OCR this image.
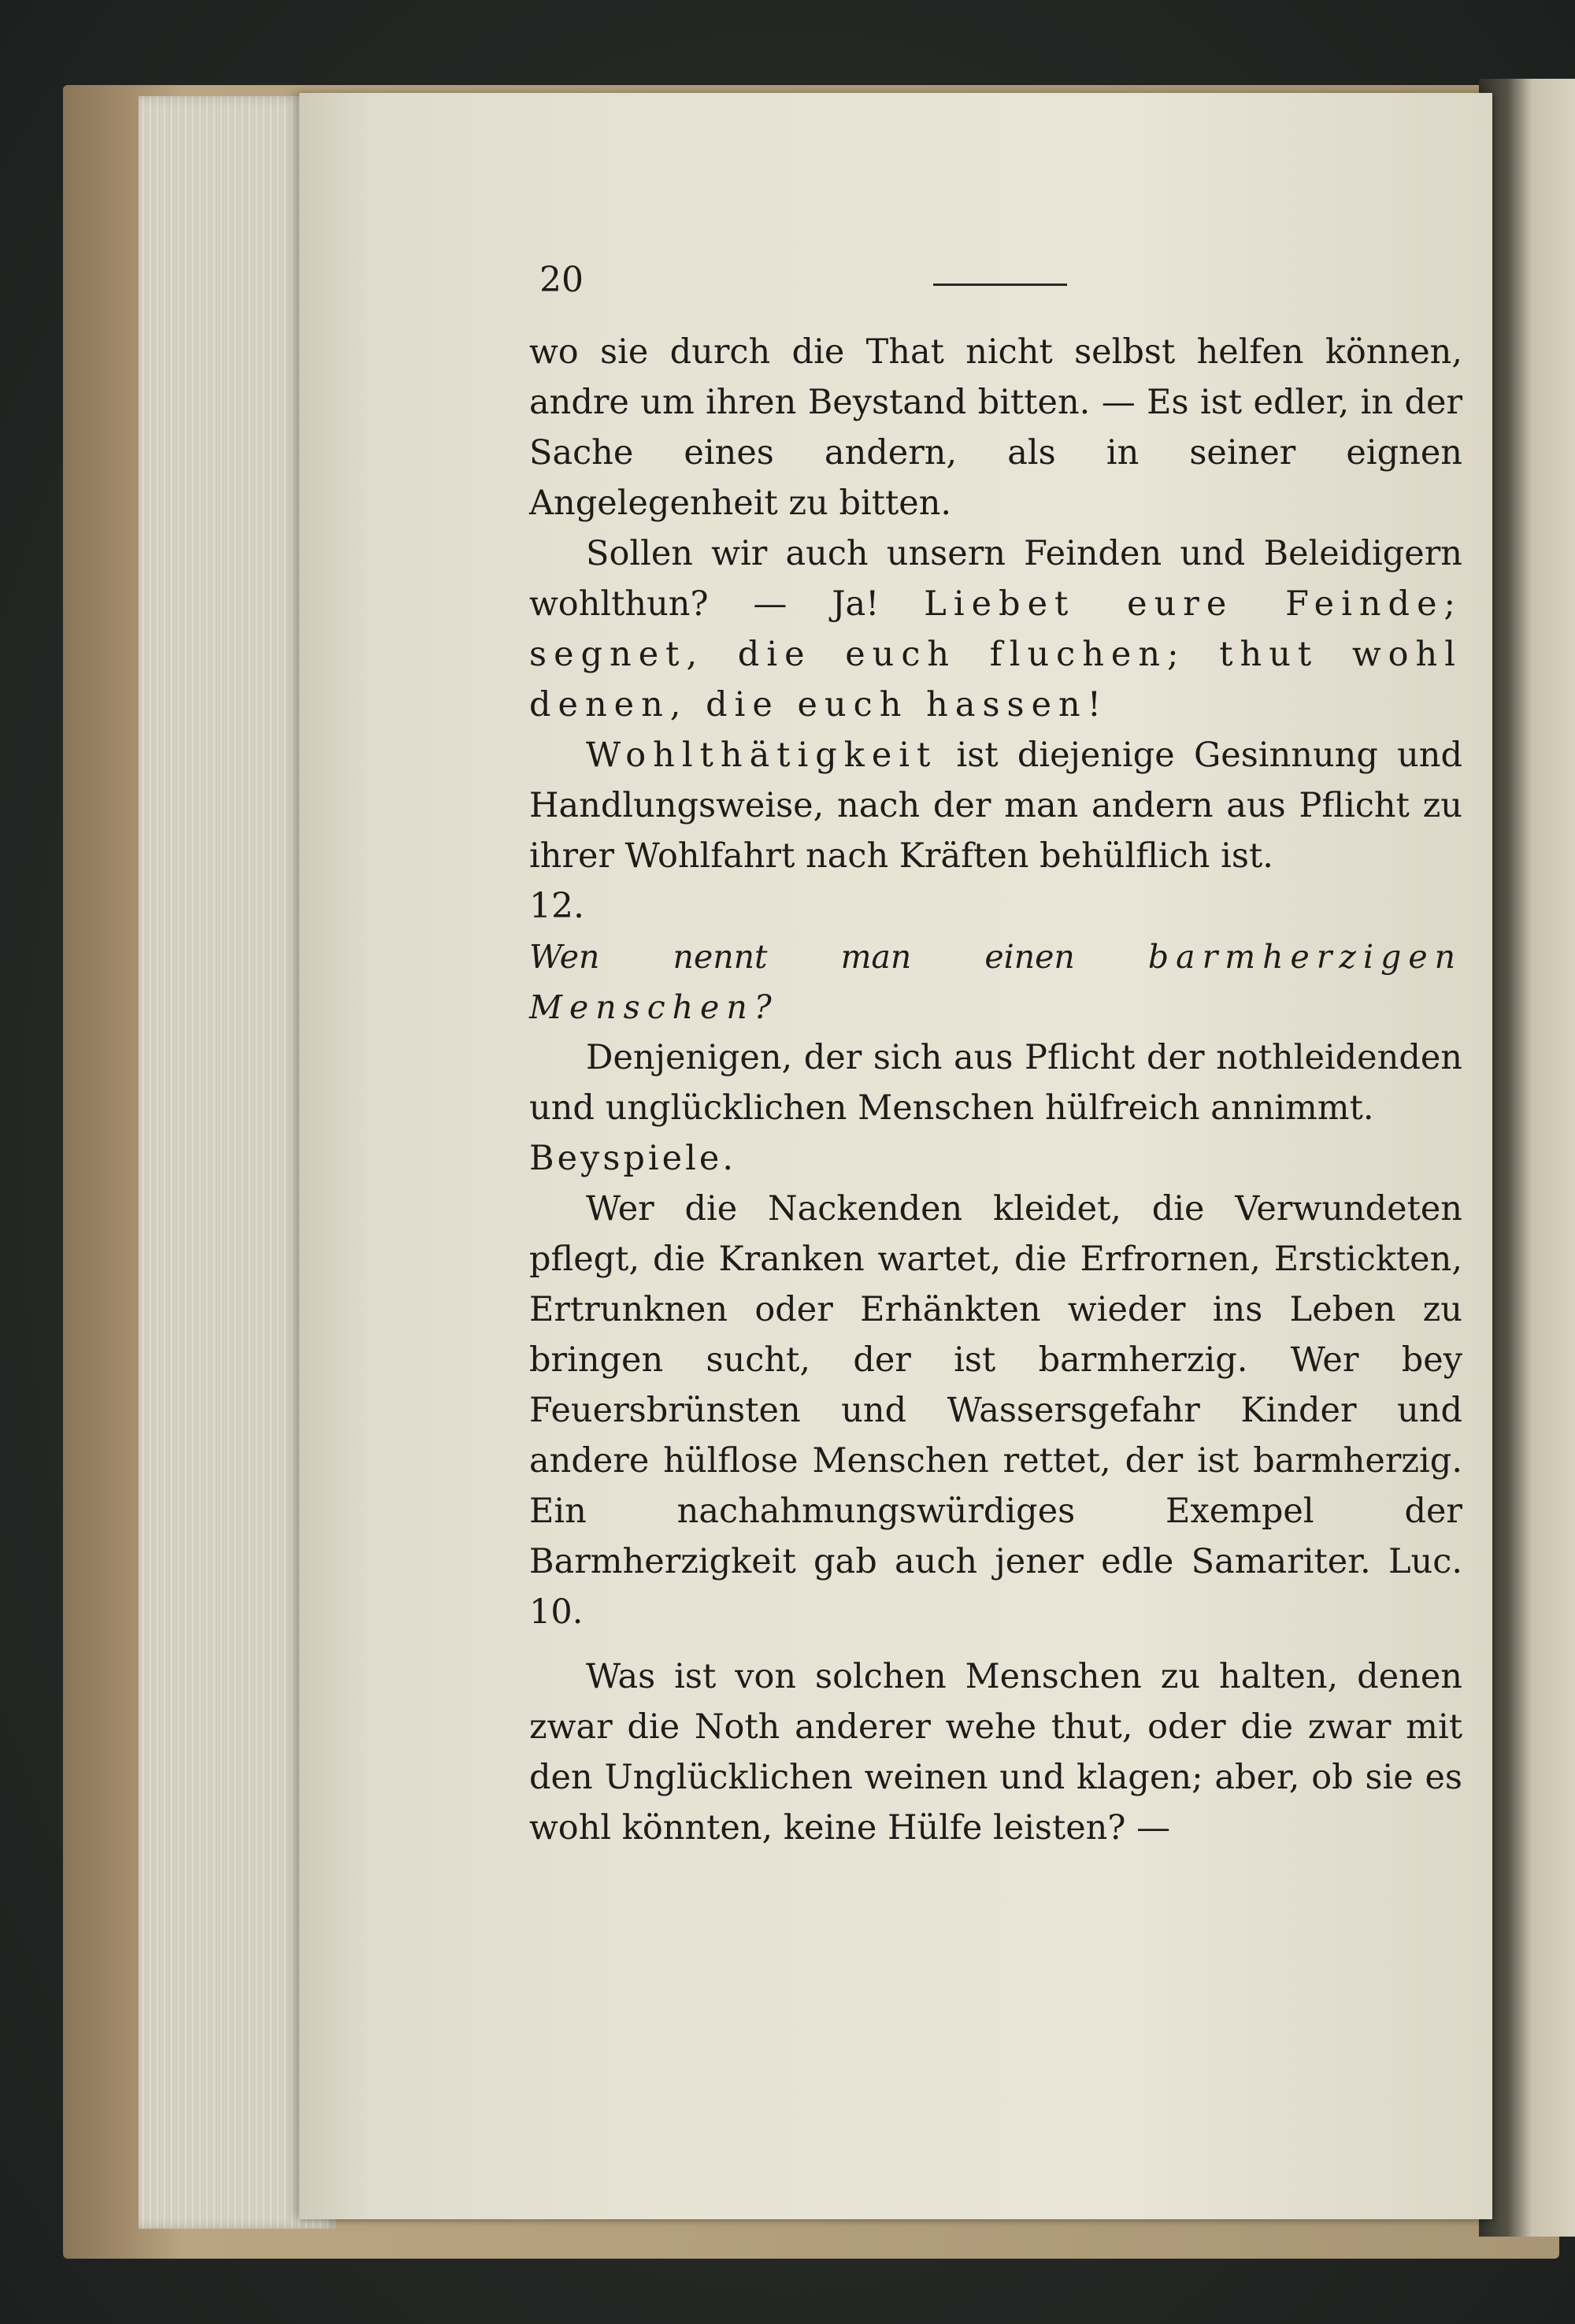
20

wo sie durch die That nicht selbst helfen können, andre um ihren Beystand bitten. — Es ist edler, in der Sache eines andern, als in seiner eignen Angelegenheit zu bitten.

Sollen wir auch unsern Feinden und Beleidigern wohlthun? — Ja! Liebet eure Feinde; segnet, die euch fluchen; thut wohl denen, die euch hassen!

Wohlthätigkeit ist diejenige Gesinnung und Handlungsweise, nach der man andern aus Pflicht zu ihrer Wohlfahrt nach Kräften behülflich ist.

12.

Wen nennt man einen barmherzigen Menschen?

Denjenigen, der sich aus Pflicht der nothleidenden und unglücklichen Menschen hülfreich annimmt.

Beyspiele.

Wer die Nackenden kleidet, die Verwundeten pflegt, die Kranken wartet, die Erfrornen, Erstickten, Ertrunknen oder Erhänkten wieder ins Leben zu bringen sucht, der ist barmherzig. Wer bey Feuersbrünsten und Wassersgefahr Kinder und andere hülflose Menschen rettet, der ist barmherzig. Ein nachahmungswürdiges Exempel der Barmherzigkeit gab auch jener edle Samariter. Luc. 10.

Was ist von solchen Menschen zu halten, denen zwar die Noth anderer wehe thut, oder die zwar mit den Unglücklichen weinen und klagen; aber, ob sie es wohl könnten, keine Hülfe leisten? —
